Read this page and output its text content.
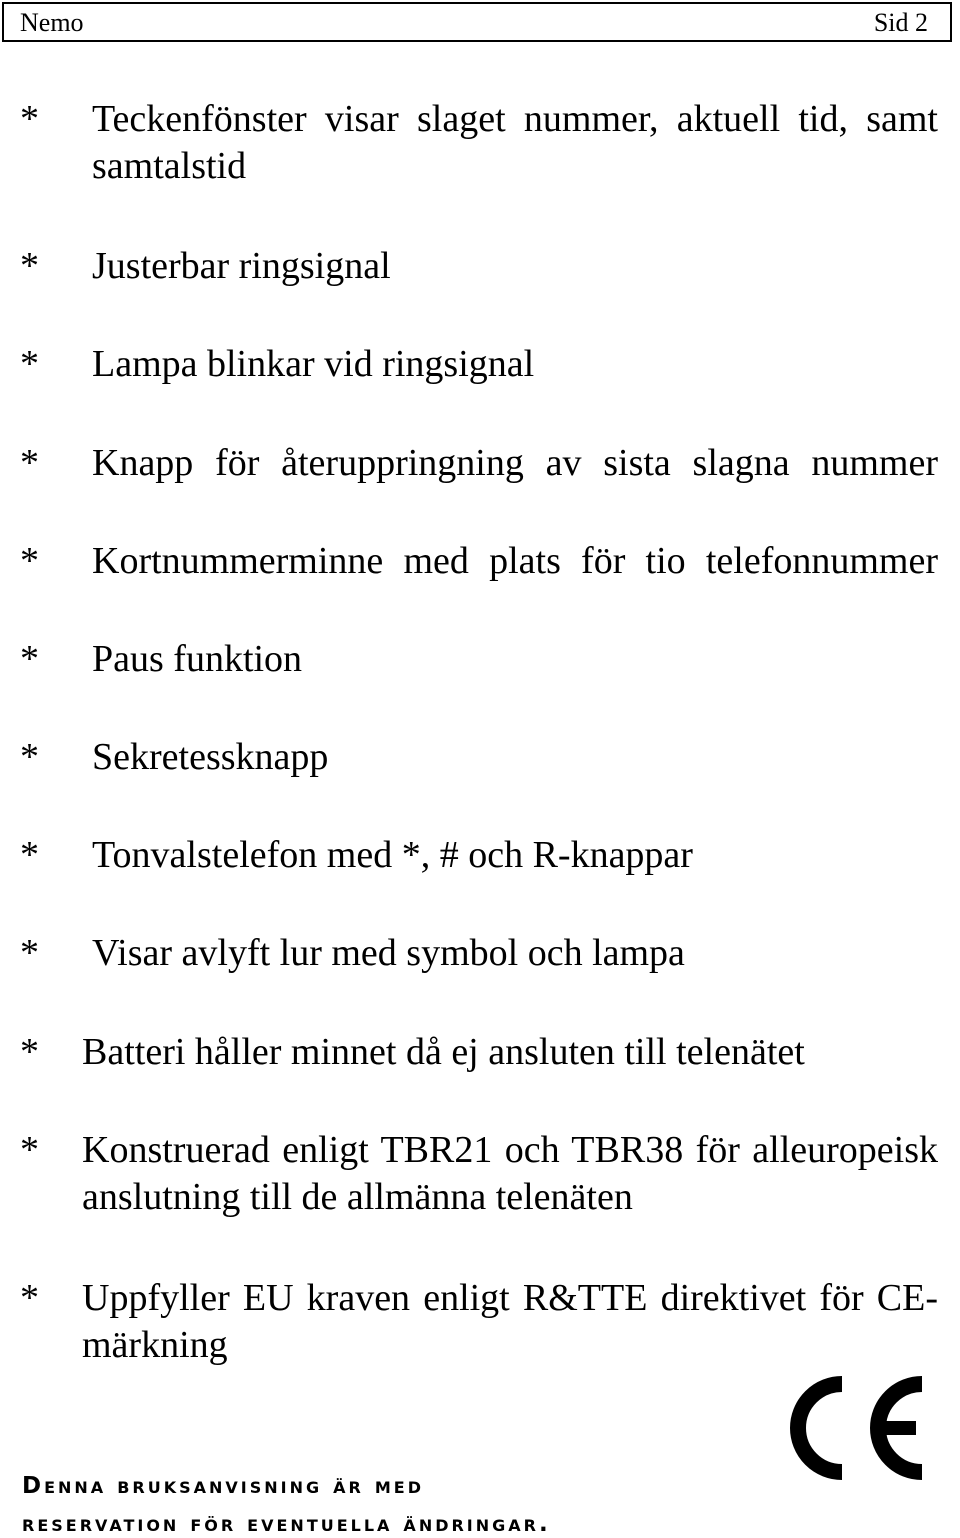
Nemo	Sid 2
* Teckenfönster visar slaget nummer, aktuell tid, samt samtalstid
* Justerbar ringsignal
* Lampa blinkar vid ringsignal
* Knapp för återuppringning av sista slagna nummer
* Kortnummerminne med plats för tio telefonnummer
* Paus funktion
* Sekretessknapp
* Tonvalstelefon med *, # och R-knappar
* Visar avlyft lur med symbol och lampa
* Batteri håller minnet då ej ansluten till telenätet
* Konstruerad enligt TBR21 och TBR38 för alleuropeisk anslutning till de allmänna telenäten
* Uppfyller EU kraven enligt R&TTE direktivet för CE-märkning
Denna bruksanvisning är med
reservation för eventuella ändringar.
